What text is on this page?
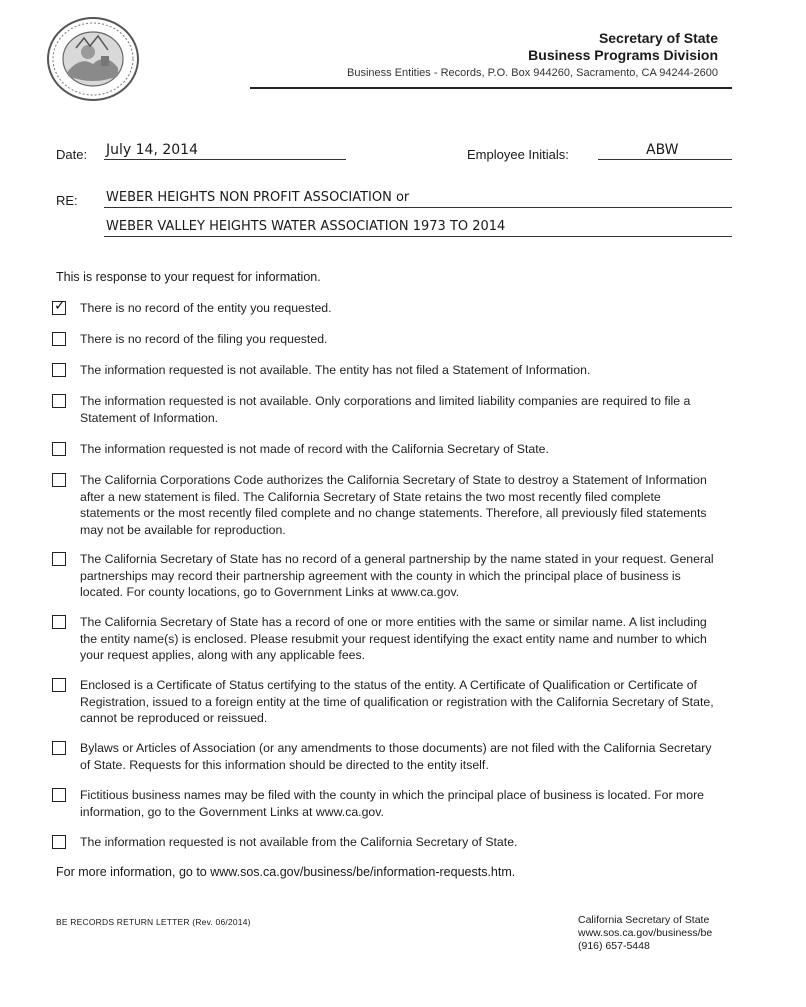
Secretary of State
Business Programs Division
Business Entities - Records, P.O. Box 944260, Sacramento, CA 94244-2600
Date: July 14, 2014	Employee Initials:	ABW
RE: WEBER HEIGHTS NON PROFIT ASSOCIATION or
WEBER VALLEY HEIGHTS WATER ASSOCIATION 1973 TO 2014
This is response to your request for information.
✓ There is no record of the entity you requested.
There is no record of the filing you requested.
The information requested is not available. The entity has not filed a Statement of Information.
The information requested is not available. Only corporations and limited liability companies are required to file a Statement of Information.
The information requested is not made of record with the California Secretary of State.
The California Corporations Code authorizes the California Secretary of State to destroy a Statement of Information after a new statement is filed. The California Secretary of State retains the two most recently filed complete statements or the most recently filed complete and no change statements. Therefore, all previously filed statements may not be available for reproduction.
The California Secretary of State has no record of a general partnership by the name stated in your request. General partnerships may record their partnership agreement with the county in which the principal place of business is located. For county locations, go to Government Links at www.ca.gov.
The California Secretary of State has a record of one or more entities with the same or similar name. A list including the entity name(s) is enclosed. Please resubmit your request identifying the exact entity name and number to which your request applies, along with any applicable fees.
Enclosed is a Certificate of Status certifying to the status of the entity. A Certificate of Qualification or Certificate of Registration, issued to a foreign entity at the time of qualification or registration with the California Secretary of State, cannot be reproduced or reissued.
Bylaws or Articles of Association (or any amendments to those documents) are not filed with the California Secretary of State. Requests for this information should be directed to the entity itself.
Fictitious business names may be filed with the county in which the principal place of business is located. For more information, go to the Government Links at www.ca.gov.
The information requested is not available from the California Secretary of State.
For more information, go to www.sos.ca.gov/business/be/information-requests.htm.
BE RECORDS RETURN LETTER (Rev. 06/2014)	California Secretary of State
www.sos.ca.gov/business/be
(916) 657-5448
